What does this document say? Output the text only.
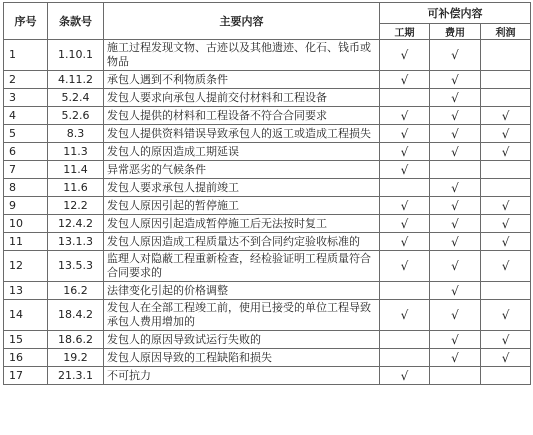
序号	条款号	主要内容	可补偿内容		
			工期	费用	利润
1	1.10.1	施工过程发现文物、古迹以及其他遗迹、化石、钱币或物品	√	√	
2	4.11.2	承包人遇到不利物质条件	√	√	
3	5.2.4	发包人要求向承包人提前交付材料和工程设备		√	
4	5.2.6	发包人提供的材料和工程设备不符合合同要求	√	√	√
5	8.3	发包人提供资料错误导致承包人的返工或造成工程损失	√	√	√
6	11.3	发包人的原因造成工期延误	√	√	√
7	11.4	异常恶劣的气候条件	√		
8	11.6	发包人要求承包人提前竣工		√	
9	12.2	发包人原因引起的暂停施工	√	√	√
10	12.4.2	发包人原因引起造成暂停施工后无法按时复工	√	√	√
11	13.1.3	发包人原因造成工程质量达不到合同约定验收标准的	√	√	√
12	13.5.3	监理人对隐蔽工程重新检查，经检验证明工程质量符合合同要求的	√	√	√
13	16.2	法律变化引起的价格调整		√	
14	18.4.2	发包人在全部工程竣工前，使用已接受的单位工程导致承包人费用增加的	√	√	√
15	18.6.2	发包人的原因导致试运行失败的		√	√
16	19.2	发包人原因导致的工程缺陷和损失		√	√
17	21.3.1	不可抗力	√		
